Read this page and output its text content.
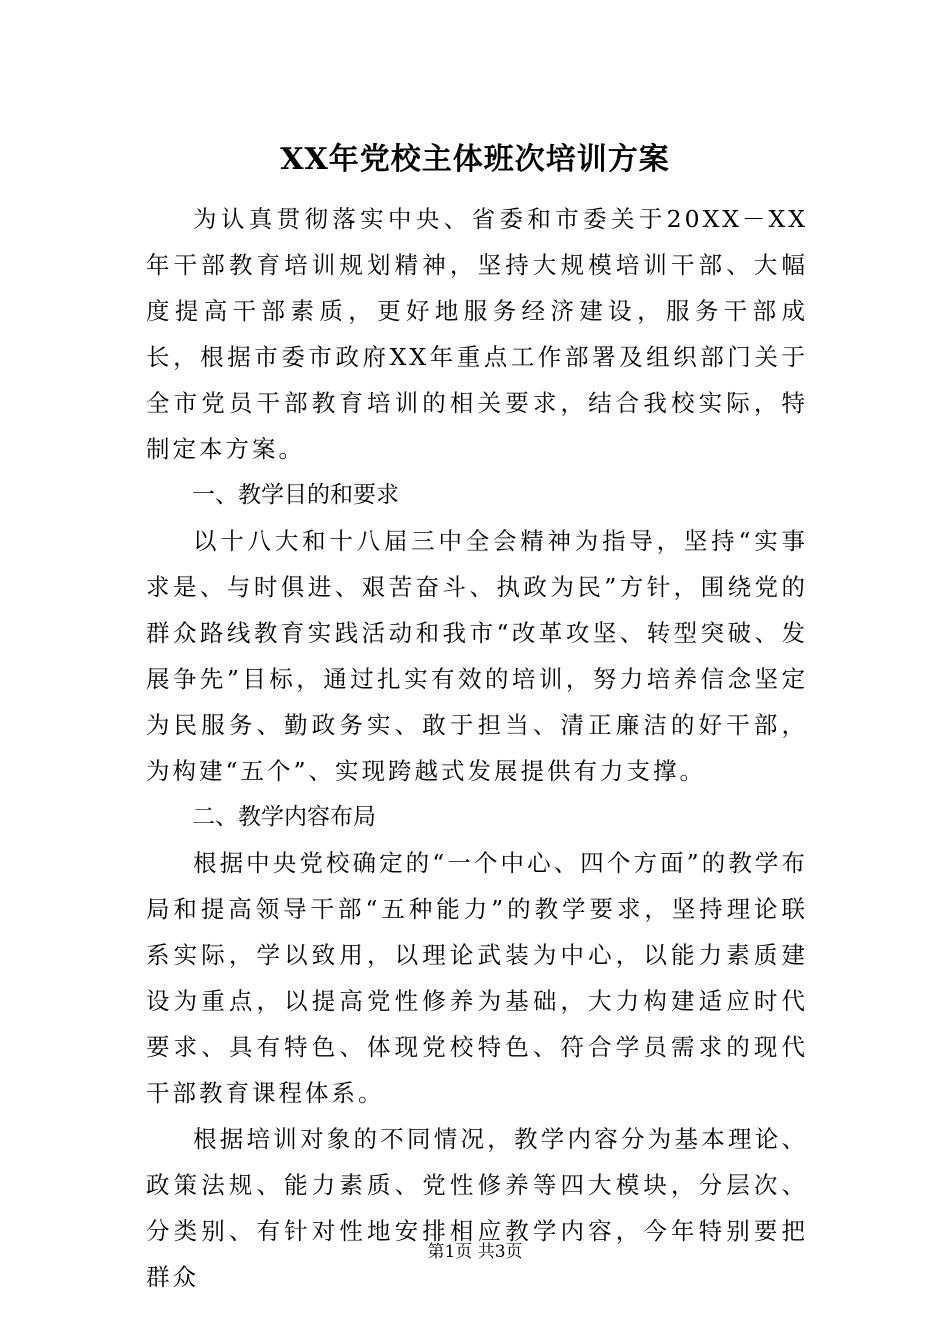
XX年党校主体班次培训方案

为认真贯彻落实中央、省委和市委关于20XX－XX年干部教育培训规划精神，坚持大规模培训干部、大幅度提高干部素质，更好地服务经济建设，服务干部成长，根据市委市政府XX年重点工作部署及组织部门关于全市党员干部教育培训的相关要求，结合我校实际，特制定本方案。

一、教学目的和要求

以十八大和十八届三中全会精神为指导，坚持“实事求是、与时俱进、艰苦奋斗、执政为民”方针，围绕党的群众路线教育实践活动和我市“改革攻坚、转型突破、发展争先”目标，通过扎实有效的培训，努力培养信念坚定为民服务、勤政务实、敢于担当、清正廉洁的好干部，为构建“五个”、实现跨越式发展提供有力支撑。

二、教学内容布局

根据中央党校确定的“一个中心、四个方面”的教学布局和提高领导干部“五种能力”的教学要求，坚持理论联系实际，学以致用，以理论武装为中心，以能力素质建设为重点，以提高党性修养为基础，大力构建适应时代要求、具有特色、体现党校特色、符合学员需求的现代干部教育课程体系。

根据培训对象的不同情况，教学内容分为基本理论、政策法规、能力素质、党性修养等四大模块，分层次、分类别、有针对性地安排相应教学内容，今年特别要把群众

第1页 共3页
